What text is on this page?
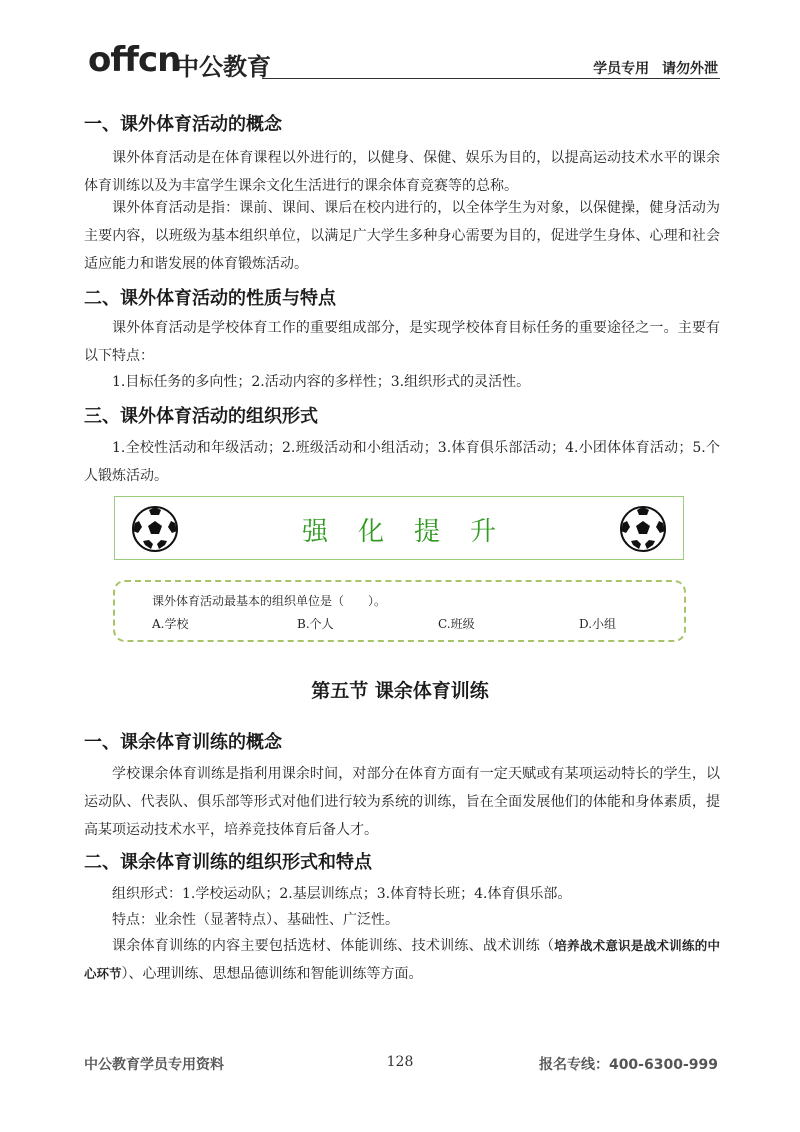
offcn
中公教育	学员专用 请勿外泄
一、课外体育活动的概念

课外体育活动是在体育课程以外进行的，以健身、保健、娱乐为目的，以提高运动技术水平的课余体育训练以及为丰富学生课余文化生活进行的课余体育竞赛等的总称。

课外体育活动是指：课前、课间、课后在校内进行的，以全体学生为对象，以保健操，健身活动为主要内容，以班级为基本组织单位，以满足广大学生多种身心需要为目的，促进学生身体、心理和社会适应能力和谐发展的体育锻炼活动。

二、课外体育活动的性质与特点

课外体育活动是学校体育工作的重要组成部分，是实现学校体育目标任务的重要途径之一。主要有以下特点：

1.目标任务的多向性；2.活动内容的多样性；3.组织形式的灵活性。

三、课外体育活动的组织形式

1.全校性活动和年级活动；2.班级活动和小组活动；3.体育俱乐部活动；4.小团体体育活动；5.个人锻炼活动。

强化提升
课外体育活动最基本的组织单位是（　　）。
A.学校	B.个人	C.班级	D.小组
第五节 课余体育训练
一、课余体育训练的概念

学校课余体育训练是指利用课余时间，对部分在体育方面有一定天赋或有某项运动特长的学生，以运动队、代表队、俱乐部等形式对他们进行较为系统的训练，旨在全面发展他们的体能和身体素质，提高某项运动技术水平，培养竞技体育后备人才。

二、课余体育训练的组织形式和特点

组织形式：1.学校运动队；2.基层训练点；3.体育特长班；4.体育俱乐部。

特点：业余性（显著特点）、基础性、广泛性。

课余体育训练的内容主要包括选材、体能训练、技术训练、战术训练（培养战术意识是战术训练的中心环节）、心理训练、思想品德训练和智能训练等方面。

中公教育学员专用资料	128	报名专线：400-6300-999
